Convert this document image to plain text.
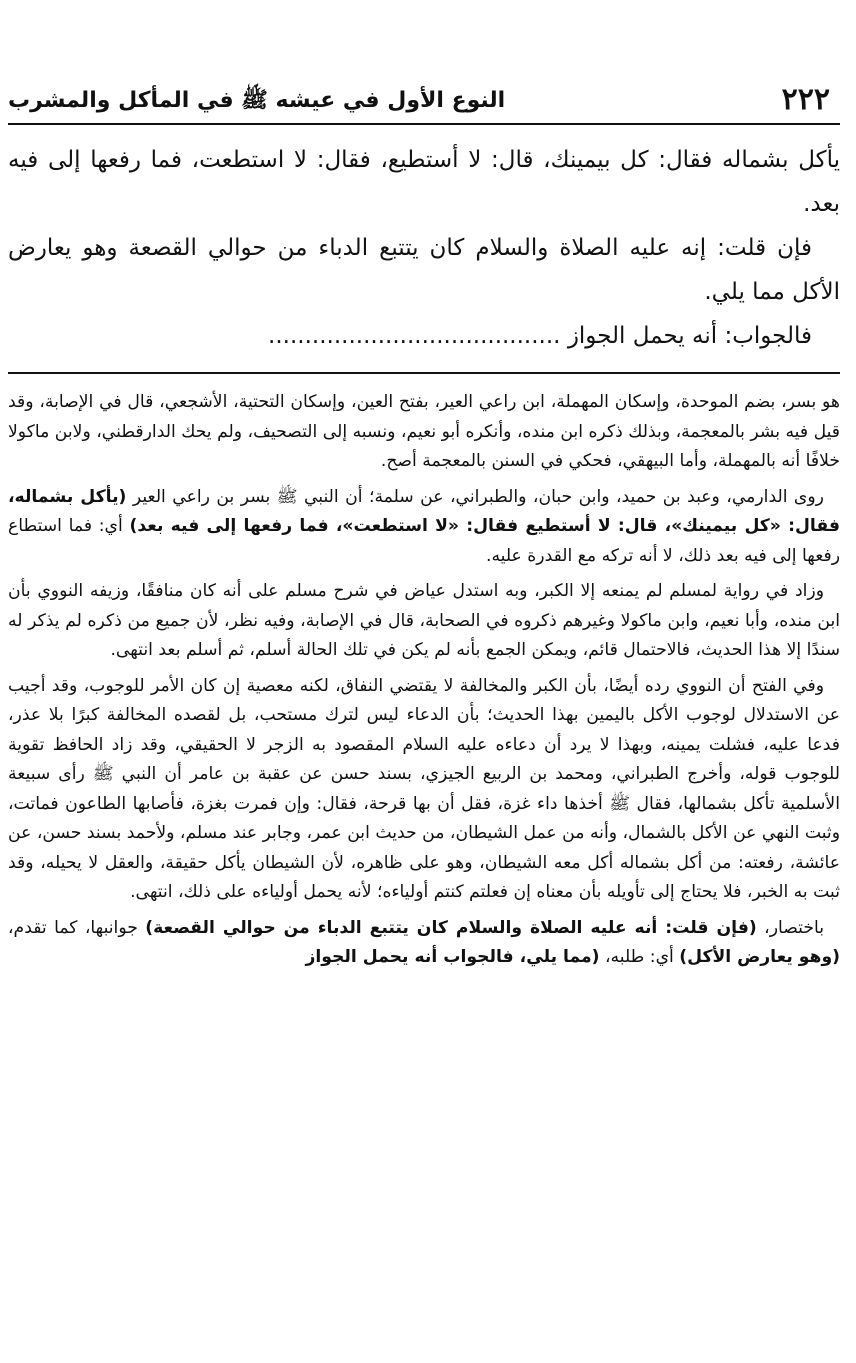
٢٢٢
النوع الأول في عيشه ﷺ في المأكل والمشرب

يأكل بشماله فقال: كل بيمينك، قال: لا أستطيع، فقال: لا استطعت، فما رفعها إلى فيه بعد.

فإن قلت: إنه عليه الصلاة والسلام كان يتتبع الدباء من حوالي القصعة وهو يعارض الأكل مما يلي.

فالجواب: أنه يحمل الجواز ........................................

هو بسر، بضم الموحدة، وإسكان المهملة، ابن راعي العير، بفتح العين، وإسكان التحتية، الأشجعي، قال في الإصابة، وقد قيل فيه بشر بالمعجمة، وبذلك ذكره ابن منده، وأنكره أبو نعيم، ونسبه إلى التصحيف، ولم يحك الدارقطني، ولابن ماكولا خلافًا أنه بالمهملة، وأما البيهقي، فحكي في السنن بالمعجمة أصح.

روى الدارمي، وعبد بن حميد، وابن حبان، والطبراني، عن سلمة؛ أن النبي ﷺ بسر بن راعي العير (يأكل بشماله، فقال: «كل بيمينك»، قال: لا أستطيع فقال: «لا استطعت»، فما رفعها إلى فيه بعد) أي: فما استطاع رفعها إلى فيه بعد ذلك، لا أنه تركه مع القدرة عليه.

وزاد في رواية لمسلم لم يمنعه إلا الكبر، وبه استدل عياض في شرح مسلم على أنه كان منافقًا، وزيفه النووي بأن ابن منده، وأبا نعيم، وابن ماكولا وغيرهم ذكروه في الصحابة، قال في الإصابة، وفيه نظر، لأن جميع من ذكره لم يذكر له سندًا إلا هذا الحديث، فالاحتمال قائم، ويمكن الجمع بأنه لم يكن في تلك الحالة أسلم، ثم أسلم بعد انتهى.

وفي الفتح أن النووي رده أيضًا، بأن الكبر والمخالفة لا يقتضي النفاق، لكنه معصية إن كان الأمر للوجوب، وقد أجيب عن الاستدلال لوجوب الأكل باليمين بهذا الحديث؛ بأن الدعاء ليس لترك مستحب، بل لقصده المخالفة كبرًا بلا عذر، فدعا عليه، فشلت يمينه، وبهذا لا يرد أن دعاءه عليه السلام المقصود به الزجر لا الحقيقي، وقد زاد الحافظ تقوية للوجوب قوله، وأخرج الطبراني، ومحمد بن الربيع الجيزي، بسند حسن عن عقبة بن عامر أن النبي ﷺ رأى سبيعة الأسلمية تأكل بشمالها، فقال ﷺ أخذها داء غزة، فقل أن بها قرحة، فقال: وإن فمرت بغزة، فأصابها الطاعون فماتت، وثبت النهي عن الأكل بالشمال، وأنه من عمل الشيطان، من حديث ابن عمر، وجابر عند مسلم، ولأحمد بسند حسن، عن عائشة، رفعته: من أكل بشماله أكل معه الشيطان، وهو على ظاهره، لأن الشيطان يأكل حقيقة، والعقل لا يحيله، وقد ثبت به الخبر، فلا يحتاج إلى تأويله بأن معناه إن فعلتم كنتم أولياءه؛ لأنه يحمل أولياءه على ذلك، انتهى.

باختصار، (فإن قلت: أنه عليه الصلاة والسلام كان يتتبع الدباء من حوالي القصعة) جوانبها، كما تقدم، (وهو يعارض الأكل) أي: طلبه، (مما يلي، فالجواب أنه يحمل الجواز
